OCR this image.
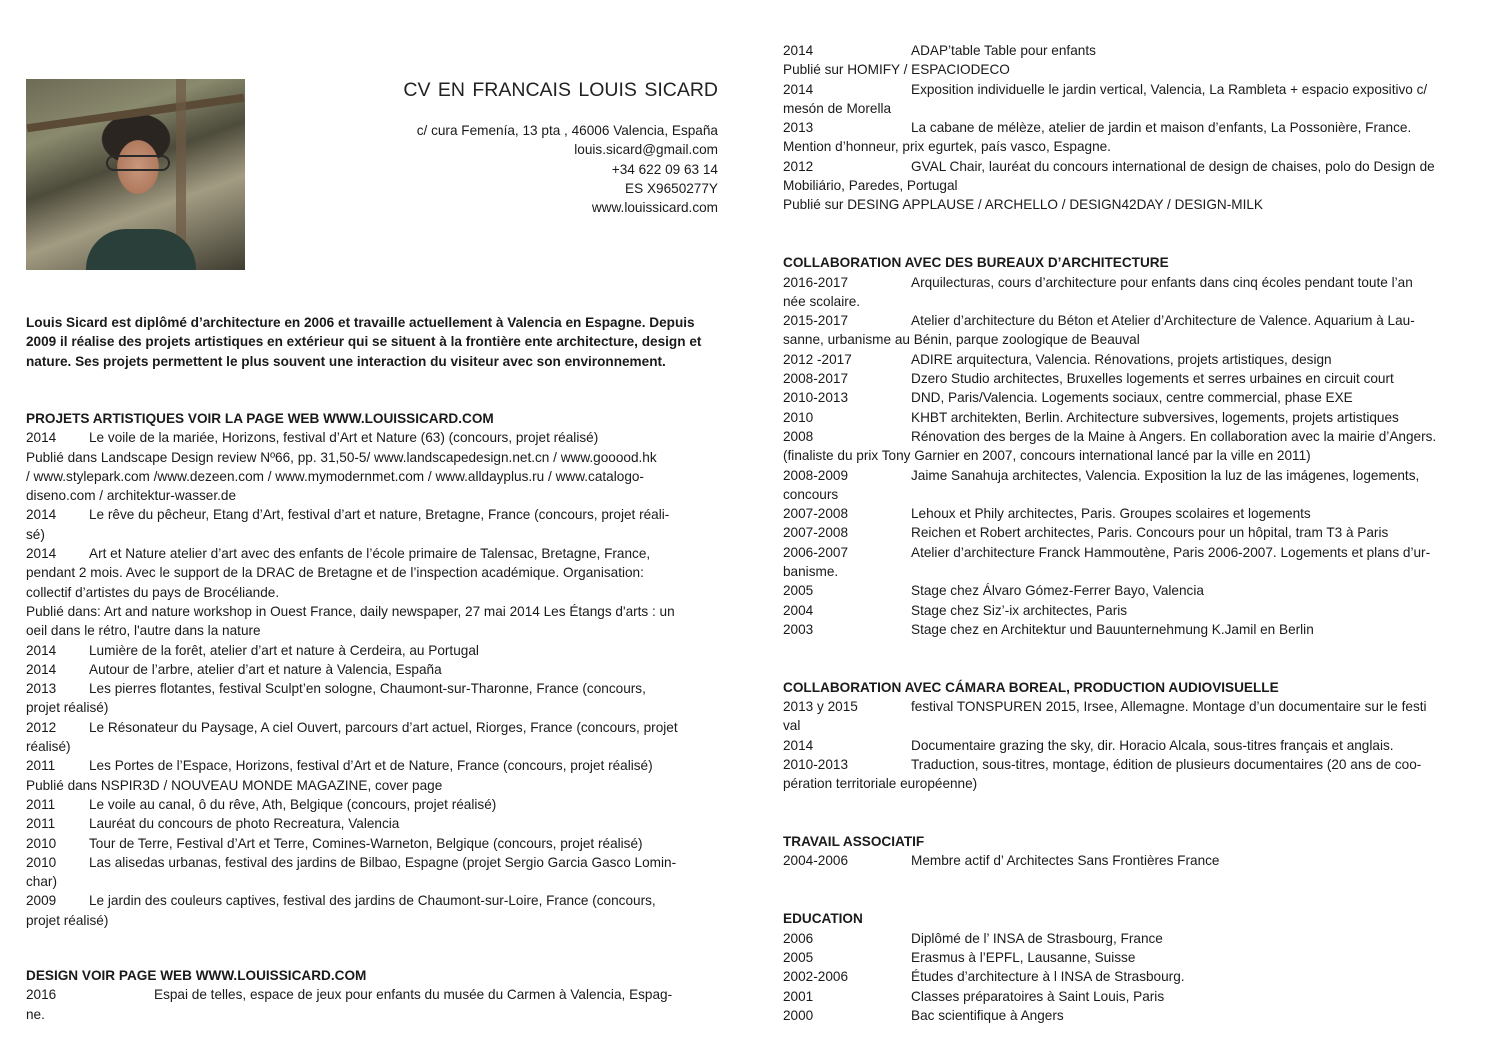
CV EN FRANCAIS LOUIS SICARD
c/ cura Femenía, 13 pta , 46006 Valencia, España
louis.sicard@gmail.com
+34 622 09 63 14
ES X9650277Y
www.louissicard.com
Louis Sicard est diplômé d’architecture en 2006 et travaille actuellement à Valencia en Espagne. Depuis 2009 il réalise des projets artistiques en extérieur qui se situent à la frontière ente architecture, design et nature. Ses projets permettent le plus souvent une interaction du visiteur avec son environnement.
PROJETS ARTISTIQUES VOIR LA PAGE WEB WWW.LOUISSICARD.COM
2014 Le voile de la mariée, Horizons, festival d’Art et Nature (63) (concours, projet réalisé)
Publié dans Landscape Design review Nº66, pp. 31,50-5/ www.landscapedesign.net.cn / www.gooood.hk
/ www.stylepark.com /www.dezeen.com / www.mymodernmet.com / www.alldayplus.ru / www.catalogo-
diseno.com / architektur-wasser.de
2014 Le rêve du pêcheur, Etang d’Art, festival d’art et nature, Bretagne, France (concours, projet réali-
sé)
2014 Art et Nature atelier d’art avec des enfants de l’école primaire de Talensac, Bretagne, France,
pendant 2 mois. Avec le support de la DRAC de Bretagne et de l’inspection académique. Organisation:
collectif d’artistes du pays de Brocéliande.
Publié dans: Art and nature workshop in Ouest France, daily newspaper, 27 mai 2014 Les Étangs d'arts : un
oeil dans le rétro, l'autre dans la nature
2014 Lumière de la forêt, atelier d’art et nature à Cerdeira, au Portugal
2014 Autour de l’arbre, atelier d’art et nature à Valencia, España
2013 Les pierres flotantes, festival Sculpt’en sologne, Chaumont-sur-Tharonne, France (concours,
projet réalisé)
2012 Le Résonateur du Paysage, A ciel Ouvert, parcours d’art actuel, Riorges, France (concours, projet
réalisé)
2011 Les Portes de l’Espace, Horizons, festival d’Art et de Nature, France (concours, projet réalisé)
Publié dans NSPIR3D / NOUVEAU MONDE MAGAZINE, cover page
2011 Le voile au canal, ô du rêve, Ath, Belgique (concours, projet réalisé)
2011 Lauréat du concours de photo Recreatura, Valencia
2010 Tour de Terre, Festival d’Art et Terre, Comines-Warneton, Belgique (concours, projet réalisé)
2010 Las alisedas urbanas, festival des jardins de Bilbao, Espagne (projet Sergio Garcia Gasco Lomin-
char)
2009 Le jardin des couleurs captives, festival des jardins de Chaumont-sur-Loire, France (concours,
projet réalisé)
DESIGN VOIR PAGE WEB WWW.LOUISSICARD.COM
2016	Espai de telles, espace de jeux pour enfants du musée du Carmen à Valencia, Espag-
ne.
2014	ADAP’table Table pour enfants
Publié sur HOMIFY / ESPACIODECO
2014	Exposition individuelle le jardin vertical, Valencia, La Rambleta + espacio expositivo c/
mesón de Morella
2013	La cabane de mélèze, atelier de jardin et maison d’enfants, La Possonière, France.
Mention d’honneur, prix egurtek, país vasco, Espagne.
2012	GVAL Chair, lauréat du concours international de design de chaises, polo do Design de
Mobiliário, Paredes, Portugal
Publié sur DESING APPLAUSE / ARCHELLO / DESIGN42DAY / DESIGN-MILK
COLLABORATION AVEC DES BUREAUX D’ARCHITECTURE
2016-2017	Arquilecturas, cours d’architecture pour enfants dans cinq écoles pendant toute l’an
née scolaire.
2015-2017	Atelier d’architecture du Béton et Atelier d’Architecture de Valence. Aquarium à Lau-
sanne, urbanisme au Bénin, parque zoologique de Beauval
2012 -2017	ADIRE arquitectura, Valencia. Rénovations, projets artistiques, design
2008-2017	Dzero Studio architectes, Bruxelles logements et serres urbaines en circuit court
2010-2013	DND, Paris/Valencia. Logements sociaux, centre commercial, phase EXE
2010	KHBT architekten, Berlin. Architecture subversives, logements, projets artistiques
2008	Rénovation des berges de la Maine à Angers. En collaboration avec la mairie d’Angers.
(finaliste du prix Tony Garnier en 2007, concours international lancé par la ville en 2011)
2008-2009	Jaime Sanahuja architectes, Valencia. Exposition la luz de las imágenes, logements,
concours
2007-2008	Lehoux et Phily architectes, Paris. Groupes scolaires et logements
2007-2008	Reichen et Robert architectes, Paris. Concours pour un hôpital, tram T3 à Paris
2006-2007	Atelier d’architecture Franck Hammoutène, Paris 2006-2007. Logements et plans d’ur-
banisme.
2005	Stage chez Álvaro Gómez-Ferrer Bayo, Valencia
2004	Stage chez Siz’-ix architectes, Paris
2003	Stage chez en Architektur und Bauunternehmung K.Jamil en Berlin
COLLABORATION AVEC CÁMARA BOREAL, PRODUCTION AUDIOVISUELLE
2013 y 2015	festival TONSPUREN 2015, Irsee, Allemagne. Montage d’un documentaire sur le festi
val
2014	Documentaire grazing the sky, dir. Horacio Alcala, sous-titres français et anglais.
2010-2013	Traduction, sous-titres, montage, édition de plusieurs documentaires (20 ans de coo-
pération territoriale européenne)
TRAVAIL ASSOCIATIF
2004-2006	Membre actif d’ Architectes Sans Frontières France
EDUCATION
2006	Diplômé de l’ INSA de Strasbourg, France
2005	Erasmus à l’EPFL, Lausanne, Suisse
2002-2006	Études d’architecture à l INSA de Strasbourg.
2001	Classes préparatoires à Saint Louis, Paris
2000	Bac scientifique à Angers
